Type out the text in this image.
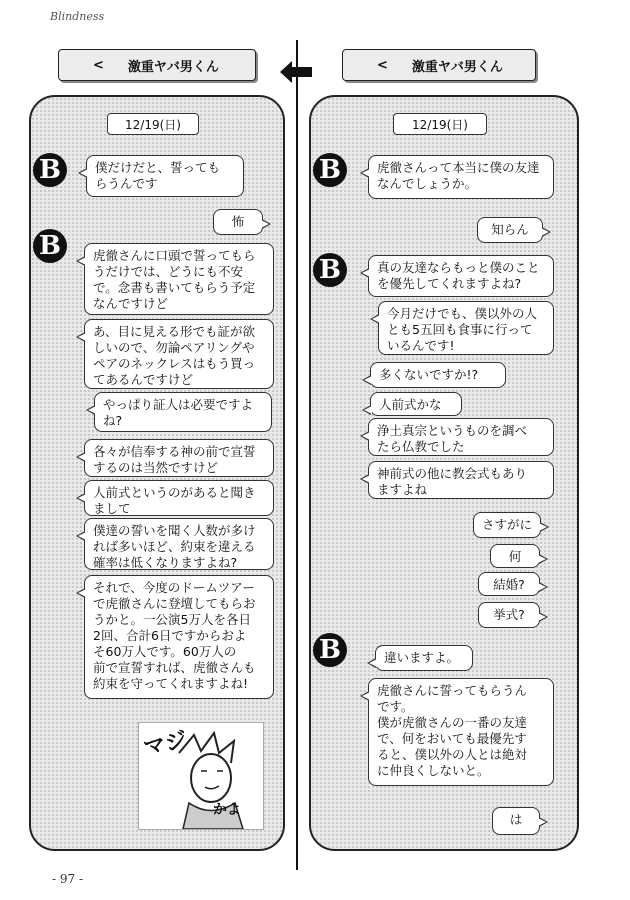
Blindness
- 97 -
< 激重ヤバ男くん	< 激重ヤバ男くん
12/19(日)
B	僕だけだと、誓っても
らうんです
怖
B	虎徹さんに口頭で誓ってもら
うだけでは、どうにも不安
で。念書も書いてもらう予定
なんですけど
あ、目に見える形でも証が欲
しいので、勿論ペアリングや
ペアのネックレスはもう買っ
てあるんですけど
やっぱり証人は必要ですよ
ね?
各々が信奉する神の前で宣誓
するのは当然ですけど
人前式というのがあると聞き
まして
僕達の誓いを聞く人数が多け
れば多いほど、約束を違える
確率は低くなりますよね?
それで、今度のドームツアー
で虎徹さんに登壇してもらお
うかと。一公演5万人を各日
2回、合計6日ですからおよ
そ60万人です。60万人の
前で宣誓すれば、虎徹さんも
約束を守ってくれますよね!
マジ
かよ
12/19(日)
B	虎徹さんって本当に僕の友達
なんでしょうか。
知らん
B	真の友達ならもっと僕のこと
を優先してくれますよね?
今月だけでも、僕以外の人
とも5五回も食事に行って
いるんです!
多くないですか!?
人前式かな
浄土真宗というものを調べ
たら仏教でした
神前式の他に教会式もあり
ますよね
さすがに
何
結婚?
挙式?
B	違いますよ。
虎徹さんに誓ってもらうん
です。
僕が虎徹さんの一番の友達
で、何をおいても最優先す
ると、僕以外の人とは絶対
に仲良くしないと。
は
